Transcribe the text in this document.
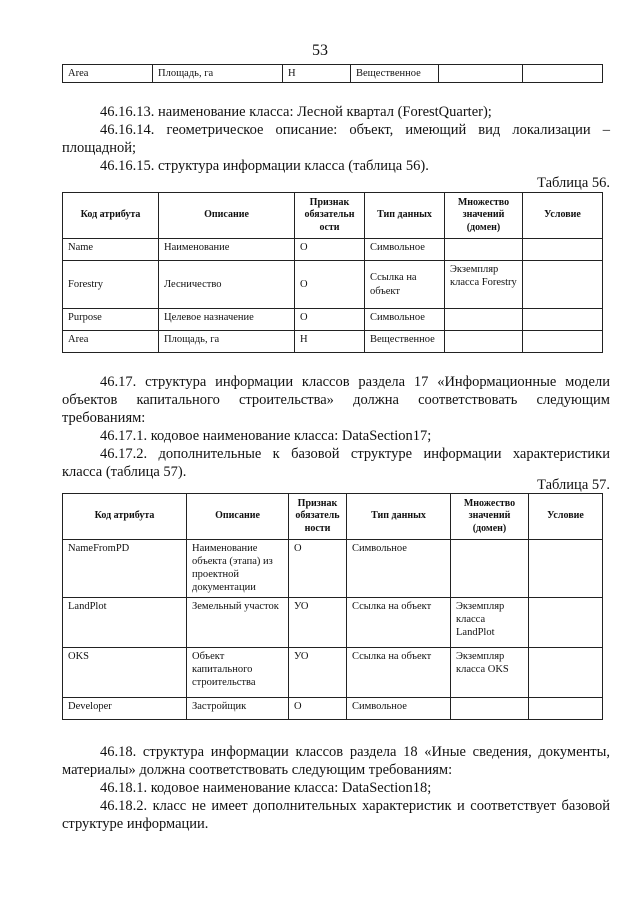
53
Area	Площадь, га	Н	Вещественное		

46.16.13. наименование класса: Лесной квартал (ForestQuarter);

46.16.14. геометрическое описание: объект, имеющий вид локализации –

площадной;

46.16.15. структура информации класса (таблица 56).

Таблица 56.
Код атрибута	Описание	Признак
обязательн
ости	Тип данных	Множество
значений
(домен)	Условие
Name	Наименование	О	Символьное		
Forestry	Лесничество	О	Ссылка на объект	Экземпляр класса Forestry	
Purpose	Целевое назначение	О	Символьное		
Area	Площадь, га	Н	Вещественное		

46.17. структура информации классов раздела 17 «Информационные модели

объектов капитального строительства» должна соответствовать следующим

требованиям:

46.17.1. кодовое наименование класса: DataSection17;

46.17.2. дополнительные к базовой структуре информации характеристики

класса (таблица 57).

Таблица 57.
Код атрибута	Описание	Признак
обязатель
ности	Тип данных	Множество
значений
(домен)	Условие
NameFromPD	Наименование объекта (этапа) из проектной документации	О	Символьное		
LandPlot	Земельный участок	УО	Ссылка на объект	Экземпляр класса LandPlot	
OKS	Объект капитального строительства	УО	Ссылка на объект	Экземпляр класса OKS	
Developer	Застройщик	О	Символьное		

46.18. структура информации классов раздела 18 «Иные сведения, документы,

материалы» должна соответствовать следующим требованиям:

46.18.1. кодовое наименование класса: DataSection18;

46.18.2. класс не имеет дополнительных характеристик и соответствует базовой

структуре информации.
